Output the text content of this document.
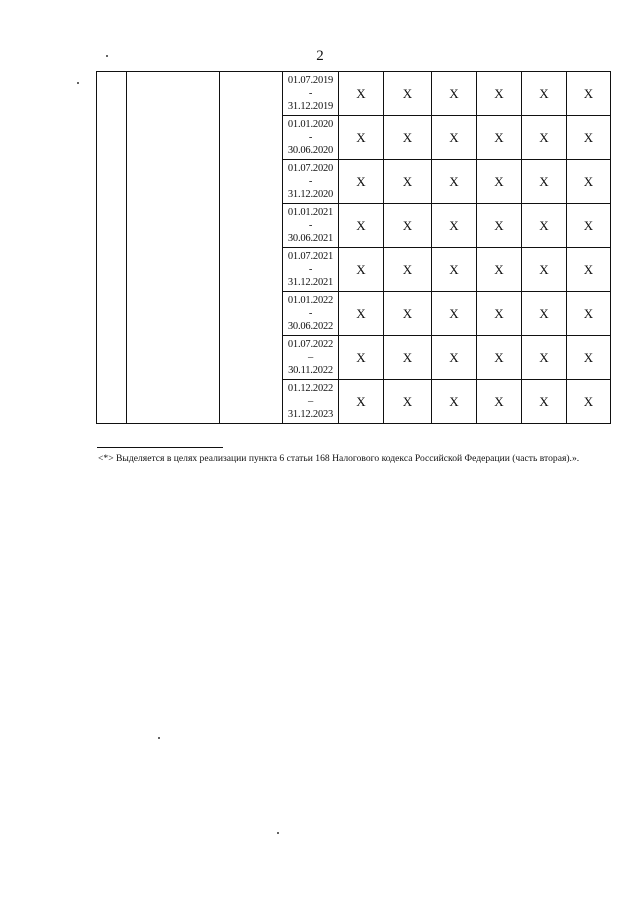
2

			01.07.2019
-
31.12.2019	X	X	X	X	X	X

			01.01.2020
-
30.06.2020	X	X	X	X	X	X

			01.07.2020
-
31.12.2020	X	X	X	X	X	X

			01.01.2021
-
30.06.2021	X	X	X	X	X	X

			01.07.2021
-
31.12.2021	X	X	X	X	X	X

			01.01.2022
-
30.06.2022	X	X	X	X	X	X

			01.07.2022
–
30.11.2022	X	X	X	X	X	X

			01.12.2022
–
31.12.2023	X	X	X	X	X	X
<*> Выделяется в целях реализации пункта 6 статьи 168 Налогового кодекса Российской Федерации (часть вторая).».
